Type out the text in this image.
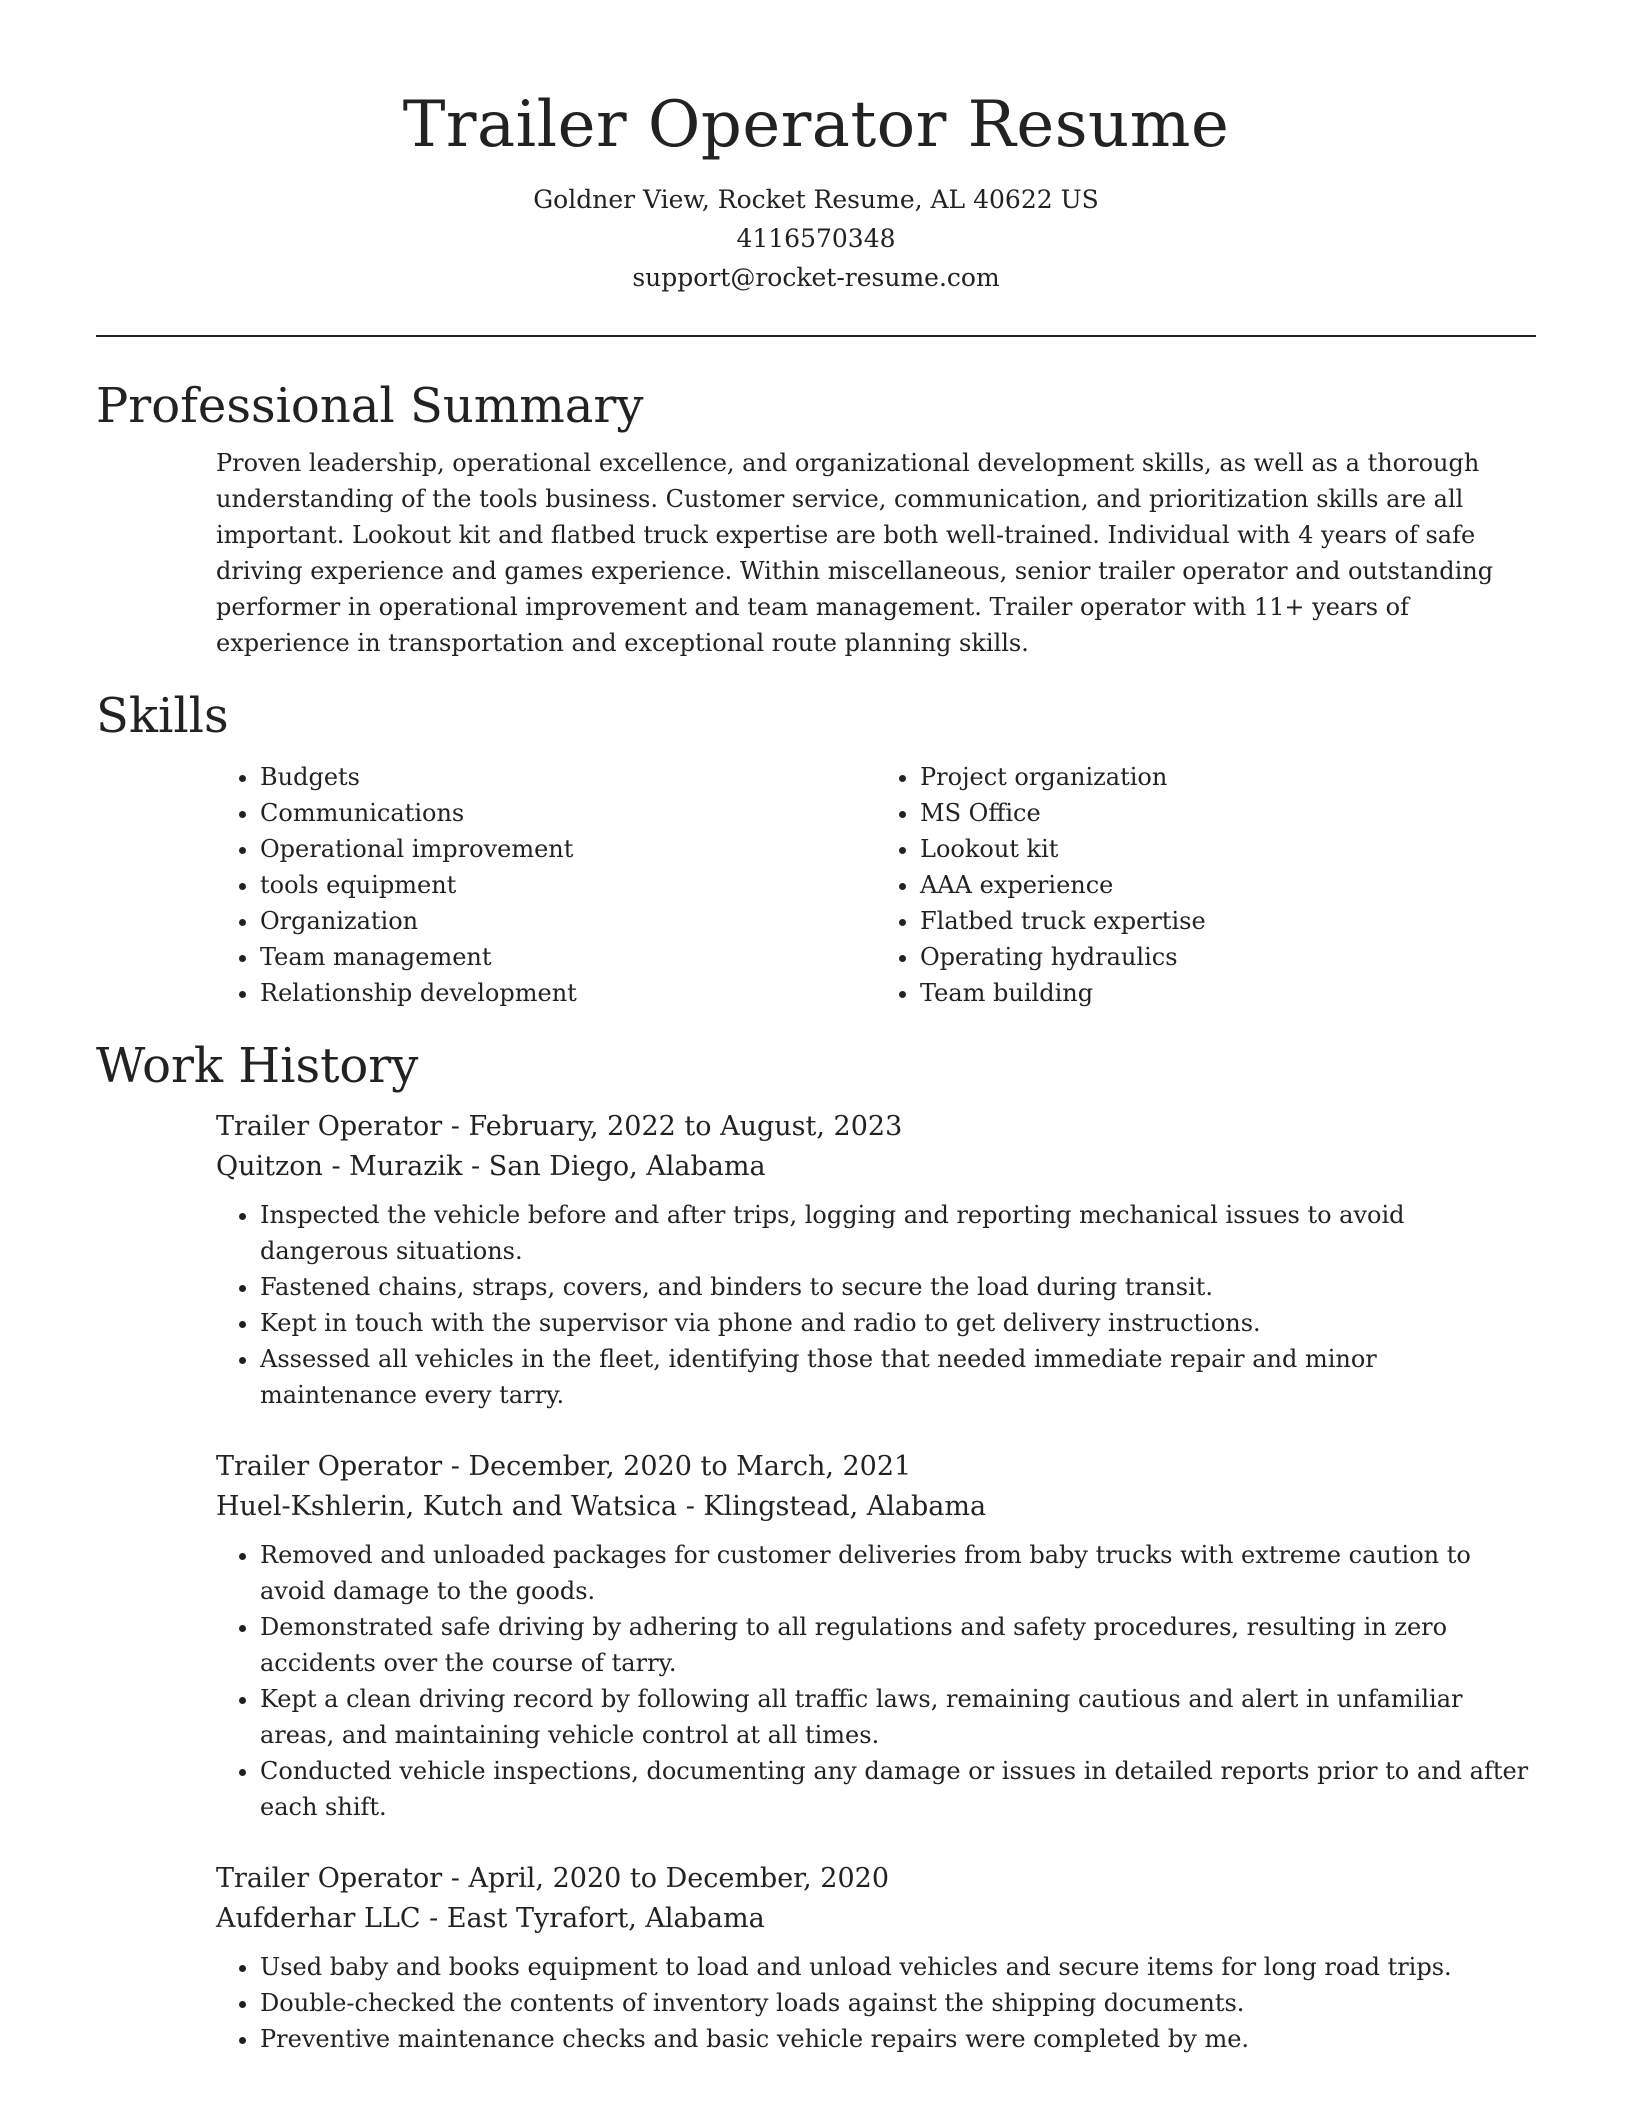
Trailer Operator Resume
Goldner View, Rocket Resume, AL 40622 US
4116570348
support@rocket-resume.com
Professional Summary

Proven leadership, operational excellence, and organizational development skills, as well as a thorough understanding of the tools business. Customer service, communication, and prioritization skills are all important. Lookout kit and flatbed truck expertise are both well-trained. Individual with 4 years of safe driving experience and games experience. Within miscellaneous, senior trailer operator and outstanding performer in operational improvement and team management. Trailer operator with 11+ years of experience in transportation and exceptional route planning skills.

Skills
• Budgets
• Communications
• Operational improvement
• tools equipment
• Organization
• Team management
• Relationship development
• Project organization
• MS Office
• Lookout kit
• AAA experience
• Flatbed truck expertise
• Operating hydraulics
• Team building
Work History
Trailer Operator - February, 2022 to August, 2023
Quitzon - Murazik - San Diego, Alabama
• Inspected the vehicle before and after trips, logging and reporting mechanical issues to avoid dangerous situations.
• Fastened chains, straps, covers, and binders to secure the load during transit.
• Kept in touch with the supervisor via phone and radio to get delivery instructions.
• Assessed all vehicles in the fleet, identifying those that needed immediate repair and minor maintenance every tarry.
Trailer Operator - December, 2020 to March, 2021
Huel-Kshlerin, Kutch and Watsica - Klingstead, Alabama
• Removed and unloaded packages for customer deliveries from baby trucks with extreme caution to avoid damage to the goods.
• Demonstrated safe driving by adhering to all regulations and safety procedures, resulting in zero accidents over the course of tarry.
• Kept a clean driving record by following all traffic laws, remaining cautious and alert in unfamiliar areas, and maintaining vehicle control at all times.
• Conducted vehicle inspections, documenting any damage or issues in detailed reports prior to and after each shift.
Trailer Operator - April, 2020 to December, 2020
Aufderhar LLC - East Tyrafort, Alabama
• Used baby and books equipment to load and unload vehicles and secure items for long road trips.
• Double-checked the contents of inventory loads against the shipping documents.
• Preventive maintenance checks and basic vehicle repairs were completed by me.
